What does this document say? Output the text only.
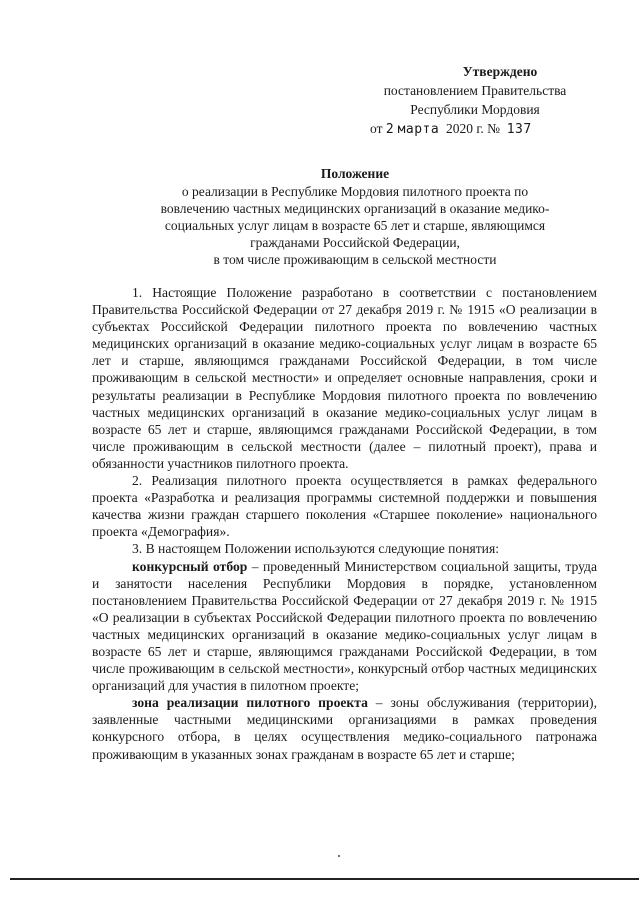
Утверждено
постановлением Правительства
Республики Мордовия
от 2 марта 2020 г. № 137
Положение
о реализации в Республике Мордовия пилотного проекта по
вовлечению частных медицинских организаций в оказание медико-
социальных услуг лицам в возрасте 65 лет и старше, являющимся
гражданами Российской Федерации,
в том числе проживающим в сельской местности

1. Настоящие Положение разработано в соответствии с постановлением Правительства Российской Федерации от 27 декабря 2019 г. № 1915 «О реализации в субъектах Российской Федерации пилотного проекта по вовлечению частных медицинских организаций в оказание медико-социальных услуг лицам в возрасте 65 лет и старше, являющимся гражданами Российской Федерации, в том числе проживающим в сельской местности» и определяет основные направления, сроки и результаты реализации в Республике Мордовия пилотного проекта по вовлечению частных медицинских организаций в оказание медико-социальных услуг лицам в возрасте 65 лет и старше, являющимся гражданами Российской Федерации, в том числе проживающим в сельской местности (далее – пилотный проект), права и обязанности участников пилотного проекта.

2. Реализация пилотного проекта осуществляется в рамках федерального проекта «Разработка и реализация программы системной поддержки и повышения качества жизни граждан старшего поколения «Старшее поколение» национального проекта «Демография».

3. В настоящем Положении используются следующие понятия:

конкурсный отбор – проведенный Министерством социальной защиты, труда и занятости населения Республики Мордовия в порядке, установленном постановлением Правительства Российской Федерации от 27 декабря 2019 г. № 1915 «О реализации в субъектах Российской Федерации пилотного проекта по вовлечению частных медицинских организаций в оказание медико-социальных услуг лицам в возрасте 65 лет и старше, являющимся гражданами Российской Федерации, в том числе проживающим в сельской местности», конкурсный отбор частных медицинских организаций для участия в пилотном проекте;

зона реализации пилотного проекта – зоны обслуживания (территории), заявленные частными медицинскими организациями в рамках проведения конкурсного отбора, в целях осуществления медико-социального патронажа проживающим в указанных зонах гражданам в возрасте 65 лет и старше;
